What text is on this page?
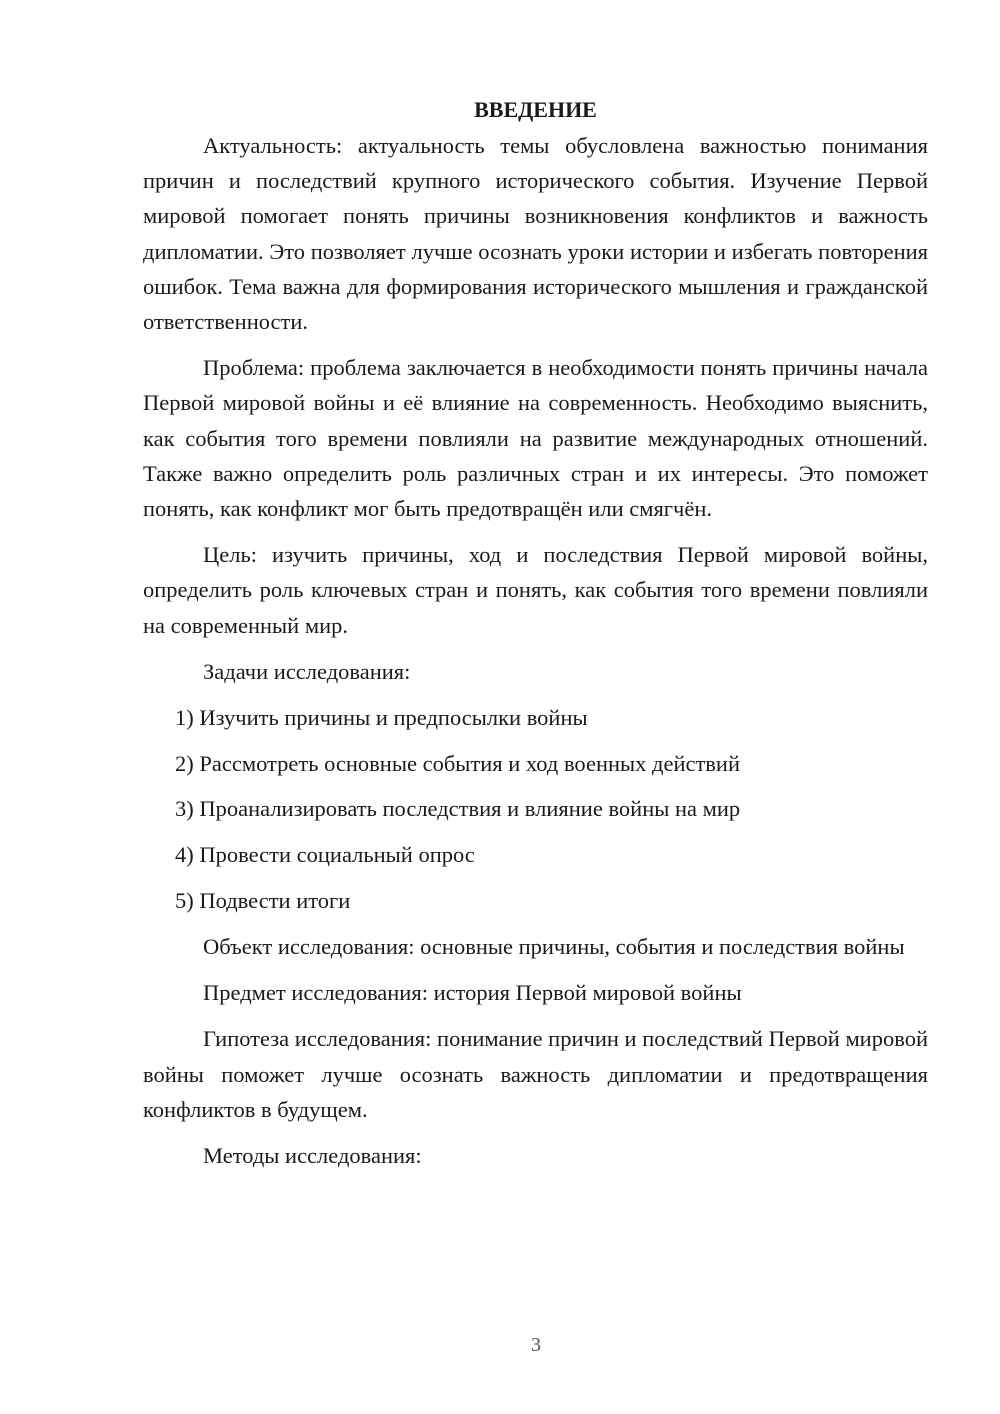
ВВЕДЕНИЕ

Актуальность: актуальность темы обусловлена важностью понимания причин и последствий крупного исторического события. Изучение Первой мировой помогает понять причины возникновения конфликтов и важность дипломатии. Это позволяет лучше осознать уроки истории и избегать повторения ошибок. Тема важна для формирования исторического мышления и гражданской ответственности.

Проблема: проблема заключается в необходимости понять причины начала Первой мировой войны и её влияние на современность. Необходимо выяснить, как события того времени повлияли на развитие международных отношений. Также важно определить роль различных стран и их интересы. Это поможет понять, как конфликт мог быть предотвращён или смягчён.

Цель: изучить причины, ход и последствия Первой мировой войны, определить роль ключевых стран и понять, как события того времени повлияли на современный мир.

Задачи исследования:

1) Изучить причины и предпосылки войны
2) Рассмотреть основные события и ход военных действий
3) Проанализировать последствия и влияние войны на мир
4) Провести социальный опрос
5) Подвести итоги

Объект исследования: основные причины, события и последствия войны

Предмет исследования: история Первой мировой войны

Гипотеза исследования: понимание причин и последствий Первой мировой войны поможет лучше осознать важность дипломатии и предотвращения конфликтов в будущем.

Методы исследования:

3
